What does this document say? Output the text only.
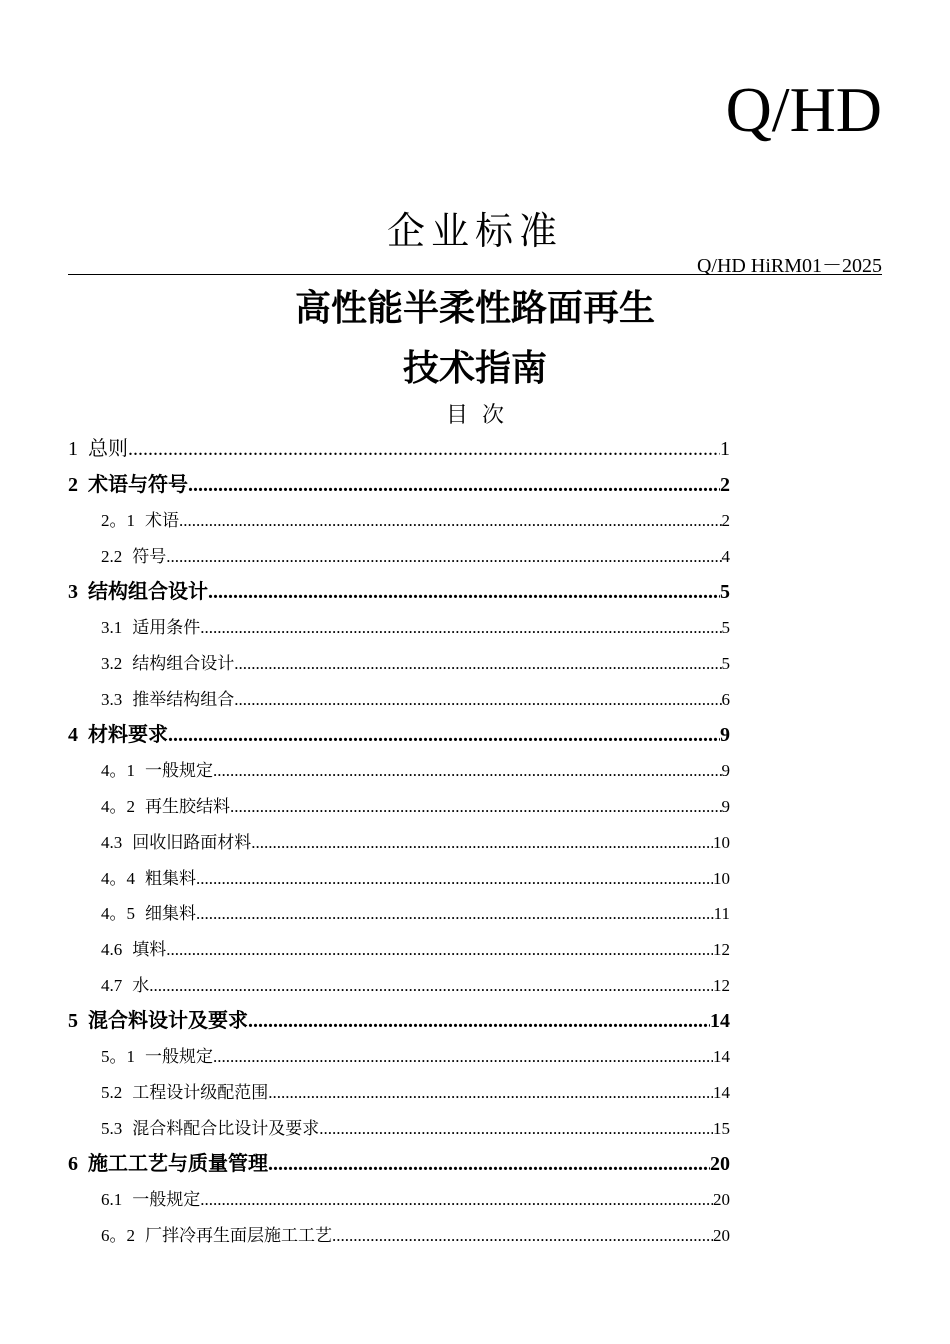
Q/HD
企业标准
Q/HD HiRM01－2025
高性能半柔性路面再生
技术指南
目次
1 总则 .....	1
2 术语与符号 .....	2
2。1 术语 .....	2
2.2 符号 .....	4
3 结构组合设计 .....	5
3.1 适用条件 .....	5
3.2 结构组合设计 .....	5
3.3 推举结构组合 .....	6
4 材料要求 .....	9
4。1 一般规定 .....	9
4。2 再生胶结料 .....	9
4.3 回收旧路面材料 .....	10
4。4 粗集料 .....	10
4。5 细集料 .....	11
4.6 填料 .....	12
4.7 水 .....	12
5 混合料设计及要求 .....	14
5。1 一般规定 .....	14
5.2 工程设计级配范围 .....	14
5.3 混合料配合比设计及要求 .....	15
6 施工工艺与质量管理 .....	20
6.1 一般规定 .....	20
6。2 厂拌冷再生面层施工工艺 .....	20
